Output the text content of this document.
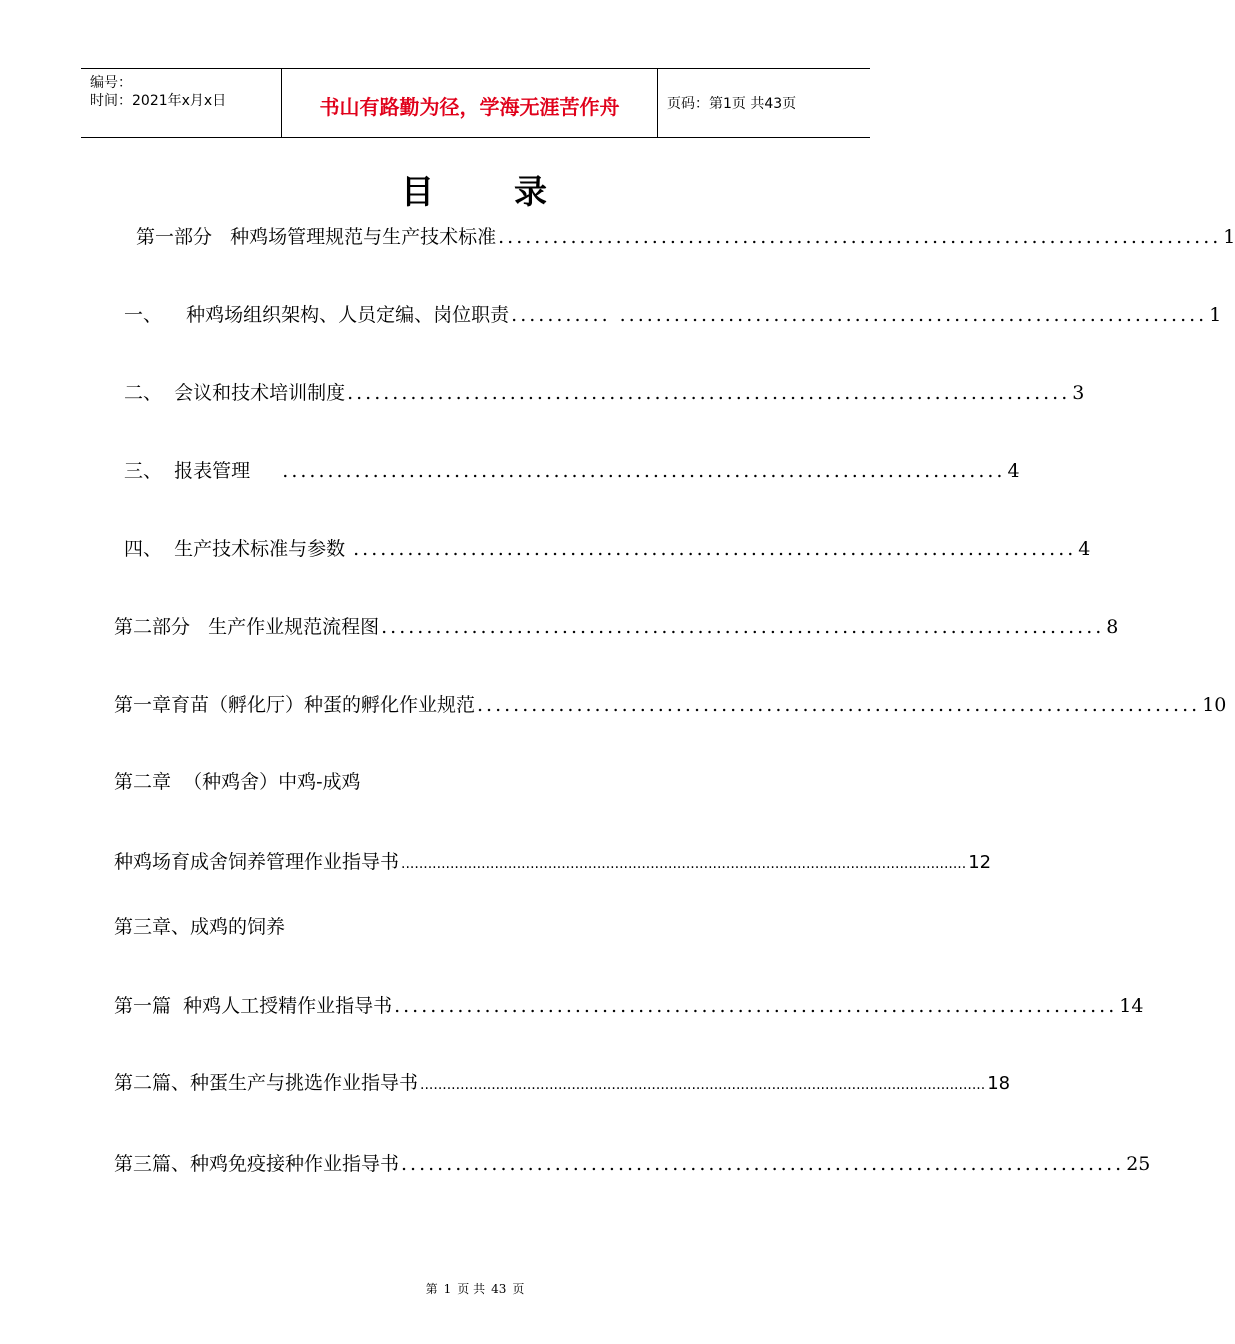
编号：
时间：2021年x月x日	书山有路勤为径，学海无涯苦作舟	页码：第1页 共43页
目 录
第一部分   种鸡场管理规范与生产技术标准 ................................................................................ 1
一、    种鸡场组织架构、人员定编、岗位职责 ........... ................................................................. 1
二、  会议和技术培训制度 ................................................................................ 3
三、  报表管理 ................................................................................ 4
四、  生产技术标准与参数 ................................................................................ 4
第二部分   生产作业规范流程图 ................................................................................ 8
第一章育苗（孵化厅）种蛋的孵化作业规范 ................................................................................ 10
第二章  （种鸡舍）中鸡-成鸡
种鸡场育成舍饲养管理作业指导书 ............................................................................................................................... 12
第三章、成鸡的饲养
第一篇  种鸡人工授精作业指导书 ................................................................................ 14
第二篇、种蛋生产与挑选作业指导书 ............................................................................................................................... 18
第三篇、种鸡免疫接种作业指导书 ................................................................................ 25
第 1 页 共 43 页
